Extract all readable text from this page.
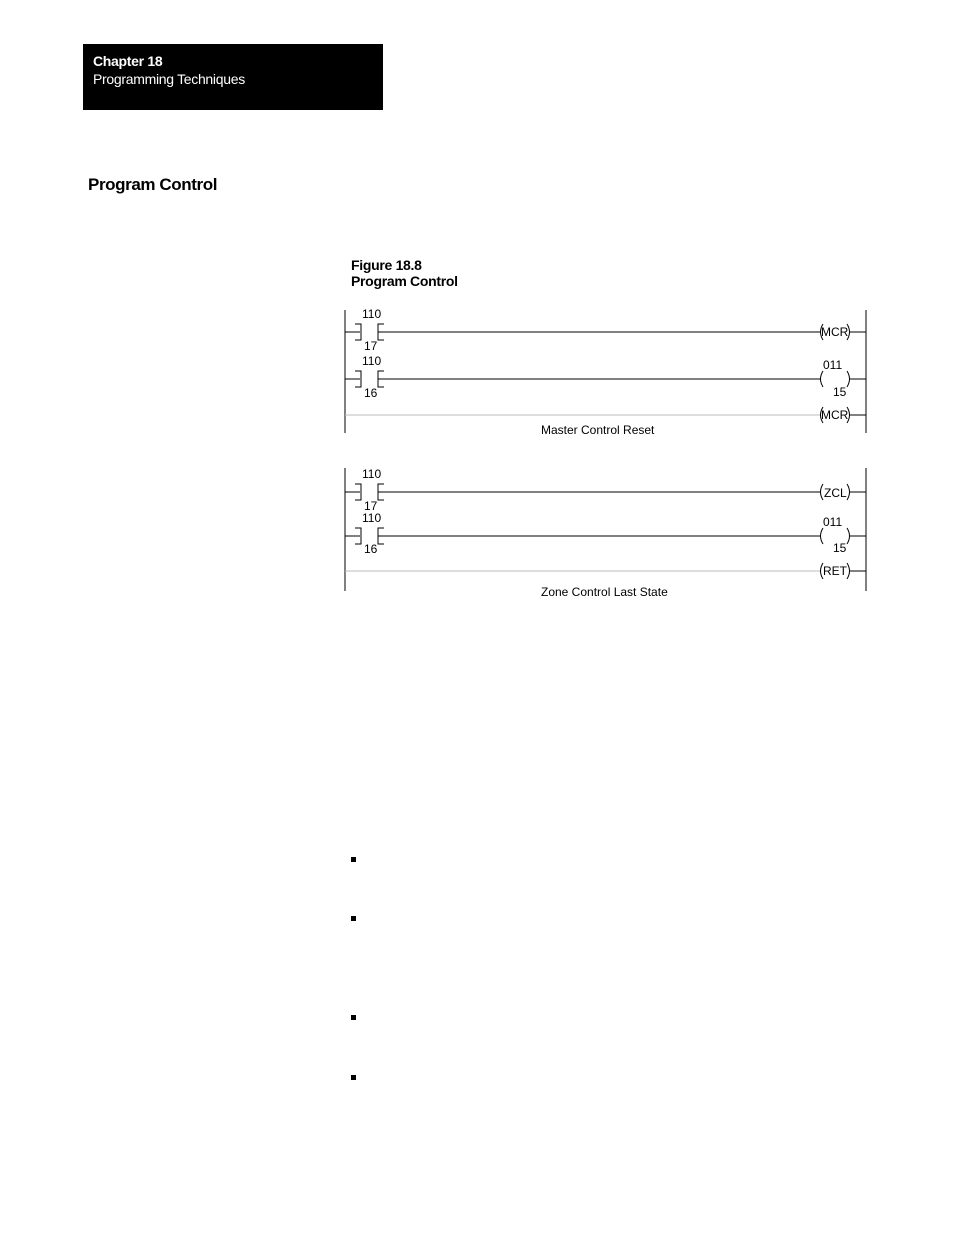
Chapter 18
Programming Techniques
Program Control
Figure 18.8
Program Control
110
17
MCR
110
16
011
15
MCR
Master Control Reset
110
17
ZCL
110
16
011
15
RET
Zone Control Last State
